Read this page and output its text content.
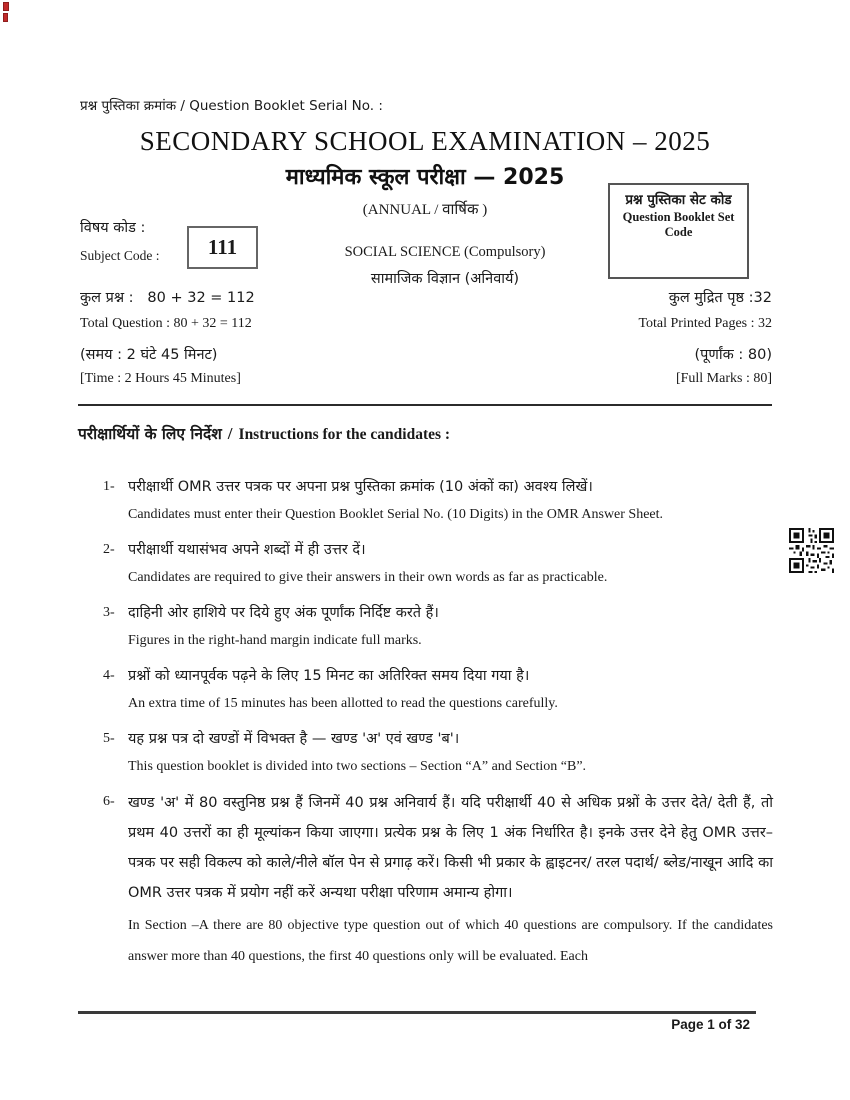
प्रश्न पुस्तिका क्रमांक / Question Booklet Serial No. :
SECONDARY SCHOOL EXAMINATION – 2025
माध्यमिक स्कूल परीक्षा — 2025
(ANNUAL / वार्षिक )
प्रश्न पुस्तिका सेट कोड
Question Booklet Set Code
विषय कोड :
Subject Code :	111	SOCIAL SCIENCE (Compulsory)
सामाजिक विज्ञान (अनिवार्य)
कुल प्रश्न :   80 + 32 = 112	कुल मुद्रित पृष्ठ :32
Total Question : 80 + 32 = 112	Total Printed Pages : 32
(समय : 2 घंटे 45 मिनट)	(पूर्णांक : 80)
[Time : 2 Hours 45 Minutes]	[Full Marks : 80]
परीक्षार्थियों के लिए निर्देश / Instructions for the candidates :
1- परीक्षार्थी OMR उत्तर पत्रक पर अपना प्रश्न पुस्तिका क्रमांक (10 अंकों का) अवश्य लिखें।
Candidates must enter their Question Booklet Serial No. (10 Digits) in the OMR Answer Sheet.
2- परीक्षार्थी यथासंभव अपने शब्दों में ही उत्तर दें।
Candidates are required to give their answers in their own words as far as practicable.
3- दाहिनी ओर हाशिये पर दिये हुए अंक पूर्णांक निर्दिष्ट करते हैं।
Figures in the right-hand margin indicate full marks.
4- प्रश्नों को ध्यानपूर्वक पढ़ने के लिए 15 मिनट का अतिरिक्त समय दिया गया है।
An extra time of 15 minutes has been allotted to read the questions carefully.
5- यह प्रश्न पत्र दो खण्डों में विभक्त है — खण्ड 'अ' एवं खण्ड 'ब'।
This question booklet is divided into two sections – Section “A” and Section “B”.
6- खण्ड 'अ' में 80 वस्तुनिष्ठ प्रश्न हैं जिनमें 40 प्रश्न अनिवार्य हैं। यदि परीक्षार्थी 40 से अधिक प्रश्नों के उत्तर देते/ देती हैं, तो प्रथम 40 उत्तरों का ही मूल्यांकन किया जाएगा। प्रत्येक प्रश्न के लिए 1 अंक निर्धारित है। इनके उत्तर देने हेतु OMR उत्तर–पत्रक पर सही विकल्प को काले/नीले बॉल पेन से प्रगाढ़ करें। किसी भी प्रकार के ह्वाइटनर/ तरल पदार्थ/ ब्लेड/नाखून आदि का OMR उत्तर पत्रक में प्रयोग नहीं करें अन्यथा परीक्षा परिणाम अमान्य होगा।
In Section –A there are 80 objective type question out of which 40 questions are compulsory. If the candidates answer more than 40 questions, the first 40 questions only will be evaluated. Each
Page 1 of 32
